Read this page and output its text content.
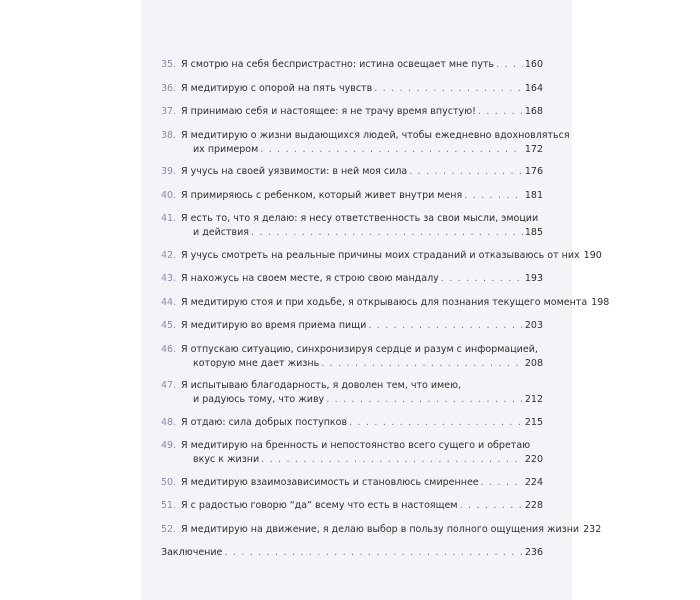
35. Я смотрю на себя беспристрастно: истина освещает мне путь . . .	160
36. Я медитирую с опорой на пять чувств . . .	164
37. Я принимаю себя и настоящее: я не трачу время впустую! . . .	168
38. Я медитирую о жизни выдающихся людей, чтобы ежедневно вдохновляться
их примером . . .	172
39. Я учусь на своей уязвимости: в ней моя сила . . .	176
40. Я примиряюсь с ребенком, который живет внутри меня . . .	181
41. Я есть то, что я делаю: я несу ответственность за свои мысли, эмоции
и действия . . .	185
42. Я учусь смотреть на реальные причины моих страданий и отказываюсь от них 190
43. Я нахожусь на своем месте, я строю свою мандалу . . .	193
44. Я медитирую стоя и при ходьбе, я открываюсь для познания текущего момента 198
45. Я медитирую во время приема пищи . . .	203
46. Я отпускаю ситуацию, синхронизируя сердце и разум с информацией,
которую мне дает жизнь . . .	208
47. Я испытываю благодарность, я доволен тем, что имею,
и радуюсь тому, что живу . . .	212
48. Я отдаю: сила добрых поступков . . .	215
49. Я медитирую на бренность и непостоянство всего сущего и обретаю
вкус к жизни . . .	220
50. Я медитирую взаимозависимость и становлюсь смиреннее . . .	224
51. Я с радостью говорю “да” всему что есть в настоящем . . .	228
52. Я медитирую на движение, я делаю выбор в пользу полного ощущения жизни 232
Заключение . . .	236
